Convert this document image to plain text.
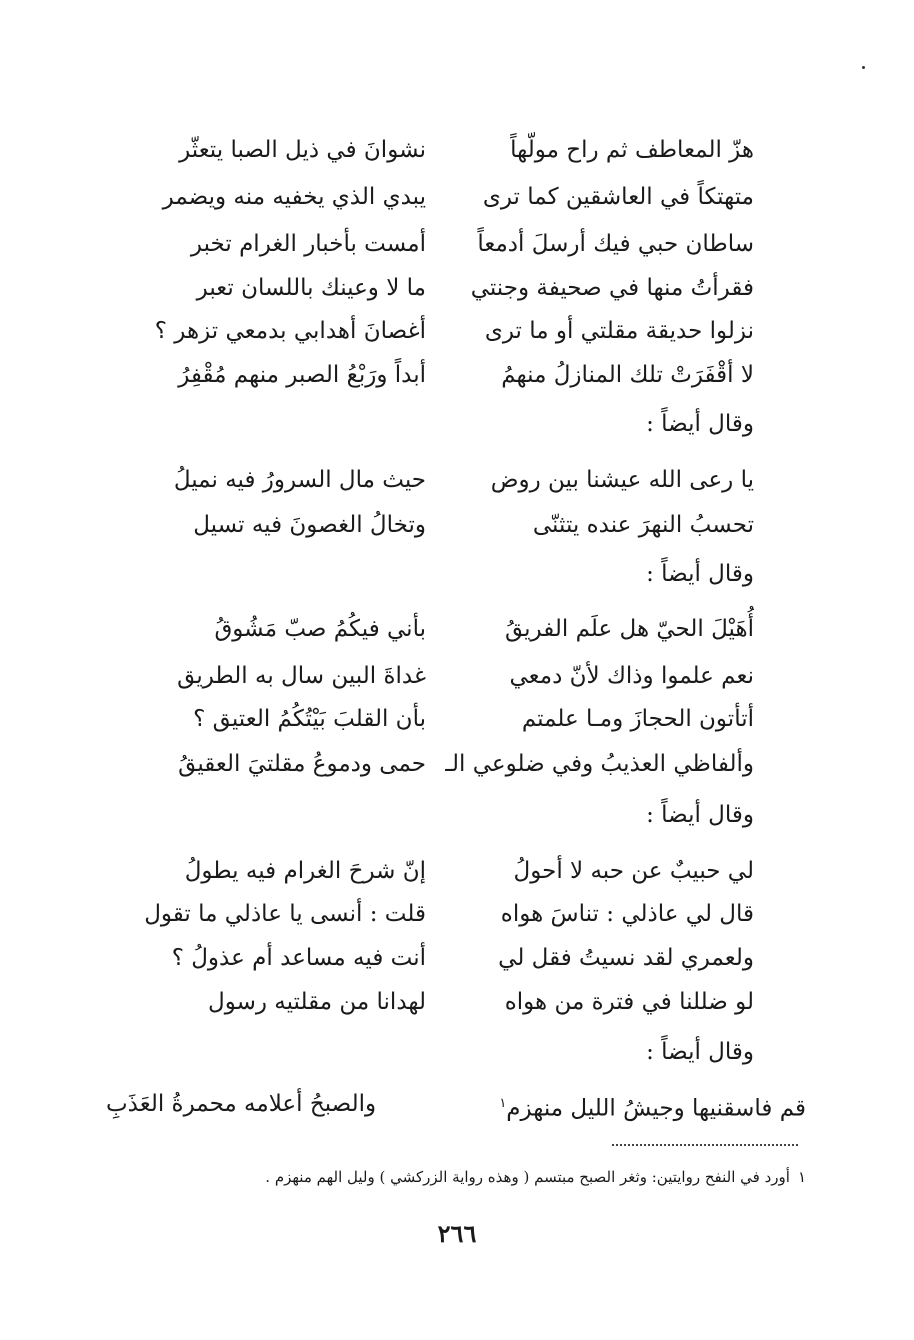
هزّ المعاطف ثم راح مولّهاً
نشوانَ في ذيل الصبا يتعثّر
متهتكاً في العاشقين كما ترى
يبدي الذي يخفيه منه ويضمر
ساطان حبي فيك أرسلَ أدمعاً
أمست بأخبار الغرام تخبر
فقرأتُ منها في صحيفة وجنتي
ما لا وعينك باللسان تعبر
نزلوا حديقة مقلتي أو ما ترى
أغصانَ أهدابي بدمعي تزهر ؟
لا أقْفَرَتْ تلك المنازلُ منهمُ
أبداً ورَبْعُ الصبر منهم مُقْفِرُ
وقال أيضاً :
يا رعى الله عيشنا بين روض
حيث مال السرورُ فيه نميلُ
تحسبُ النهرَ عنده يتثنّى
وتخالُ الغصونَ فيه تسيل
وقال أيضاً :
أُهَيْلَ الحيّ هل علَم الفريقُ
بأني فيكُمُ صبّ مَشُوقُ
نعم علموا وذاك لأنّ دمعي
غداةَ البين سال به الطريق
أتأتون الحجازَ ومـا علمتم
بأن القلبَ بَيْتُكُمُ العتيق ؟
وألفاظي العذيبُ وفي ضلوعي الـ
حمى ودموعُ مقلتيَ العقيقُ
وقال أيضاً :
لي حبيبٌ عن حبه لا أحولُ
إنّ شرحَ الغرام فيه يطولُ
قال لي عاذلي : تناسَ هواه
قلت : أنسى يا عاذلي ما تقول
ولعمري لقد نسيتُ فقل لي
أنت فيه مساعد أم عذولُ ؟
لو ضللنا في فترة من هواه
لهدانا من مقلتيه رسول
وقال أيضاً :
قم فاسقنيها وجيشُ الليل منهزم$^١$
والصبحُ أعلامه محمرةُ العَذَبِ
١أورد في النفح روايتين: وثغر الصبح مبتسم ( وهذه رواية الزركشي ) وليل الهم منهزم .
٢٦٦
